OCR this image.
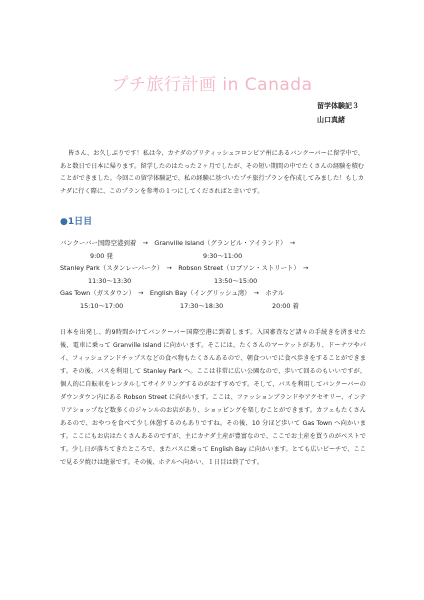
プチ旅行計画 in Canada
留学体験記３
山口真緒

皆さん、お久しぶりです！私は今、カナダのブリティッシュコロンビア州にあるバンクーバーに留学中で、あと数日で日本に帰ります。留学したのはたった２ヶ月でしたが、その短い期間の中でたくさんの経験を積むことができました。今回この留学体験記で、私の経験に基づいたプチ旅行プランを作成してみました！もしカナダに行く際に、このプランを参考の１つにしてくださればと幸いです。

●1日目

バンクーバー国際空港到着　→　Granville Island（グランビル・アイランド）　→
9:00 発	9:30～11:00
Stanley Park（スタンレーパーク）　→　Robson Street（ロブソン・ストリート）　→
11:30～13:30	13:50～15:00
Gas Town（ガスタウン）　→　English Bay（イングリッシュ湾）　→　ホテル
15:10～17:00	17:30～18:30	20:00 着

日本を出発し、約9時間かけてバンクーバー国際空港に到着します。入国審査など諸々の手続きを済ませた後、電車に乗って Granville Island に向かいます。そこには、たくさんのマーケットがあり、ドーナツやパイ、フィッシュアンドチップスなどの食べ物もたくさんあるので、朝食ついでに食べ歩きをすることができます。その後、バスを利用して Stanley Park へ。ここは非常に広い公園なので、歩いて回るのもいいですが、個人的に自転車をレンタルしてサイクリングするのがおすすめです。そして、バスを利用してバンクーバーのダウンタウン内にある Robson Street に向かいます。ここは、ファッションブランドやアクセサリー、インテリアショップなど数多くのジャンルのお店があり、ショッピングを楽しむことができます。カフェもたくさんあるので、おやつを食べて少し休憩するのもありですね。その後、10 分ほど歩いて Gas Town へ向かいます。ここにもお店はたくさんあるのですが、主にカナダ土産が豊富なので、ここでお土産を買うのがベストです。少し日が落ちてきたところで、またバスに乗って English Bay に向かいます。とても広いビーチで、ここで見る夕焼けは絶景です。その後、ホテルへ向かい、１日目は終了です。
